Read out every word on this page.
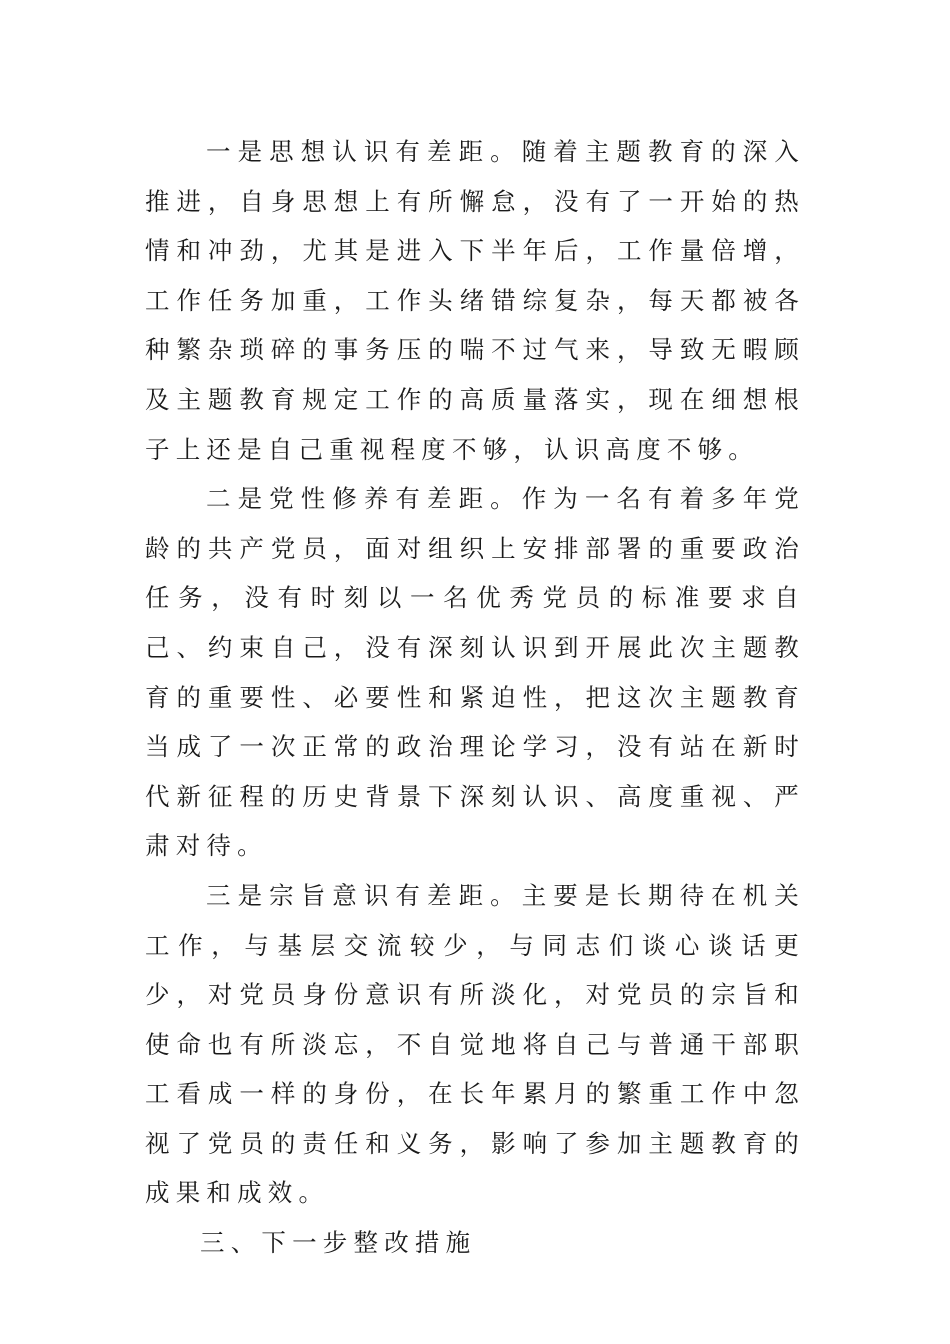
一是思想认识有差距。随着主题教育的深入推进，自身思想上有所懈怠，没有了一开始的热情和冲劲，尤其是进入下半年后，工作量倍增，工作任务加重，工作头绪错综复杂，每天都被各种繁杂琐碎的事务压的喘不过气来，导致无暇顾及主题教育规定工作的高质量落实，现在细想根子上还是自己重视程度不够，认识高度不够。

二是党性修养有差距。作为一名有着多年党龄的共产党员，面对组织上安排部署的重要政治任务，没有时刻以一名优秀党员的标准要求自己、约束自己，没有深刻认识到开展此次主题教育的重要性、必要性和紧迫性，把这次主题教育当成了一次正常的政治理论学习，没有站在新时代新征程的历史背景下深刻认识、高度重视、严肃对待。

三是宗旨意识有差距。主要是长期待在机关工作，与基层交流较少，与同志们谈心谈话更少，对党员身份意识有所淡化，对党员的宗旨和使命也有所淡忘，不自觉地将自己与普通干部职工看成一样的身份，在长年累月的繁重工作中忽视了党员的责任和义务，影响了参加主题教育的成果和成效。

三、下一步整改措施
